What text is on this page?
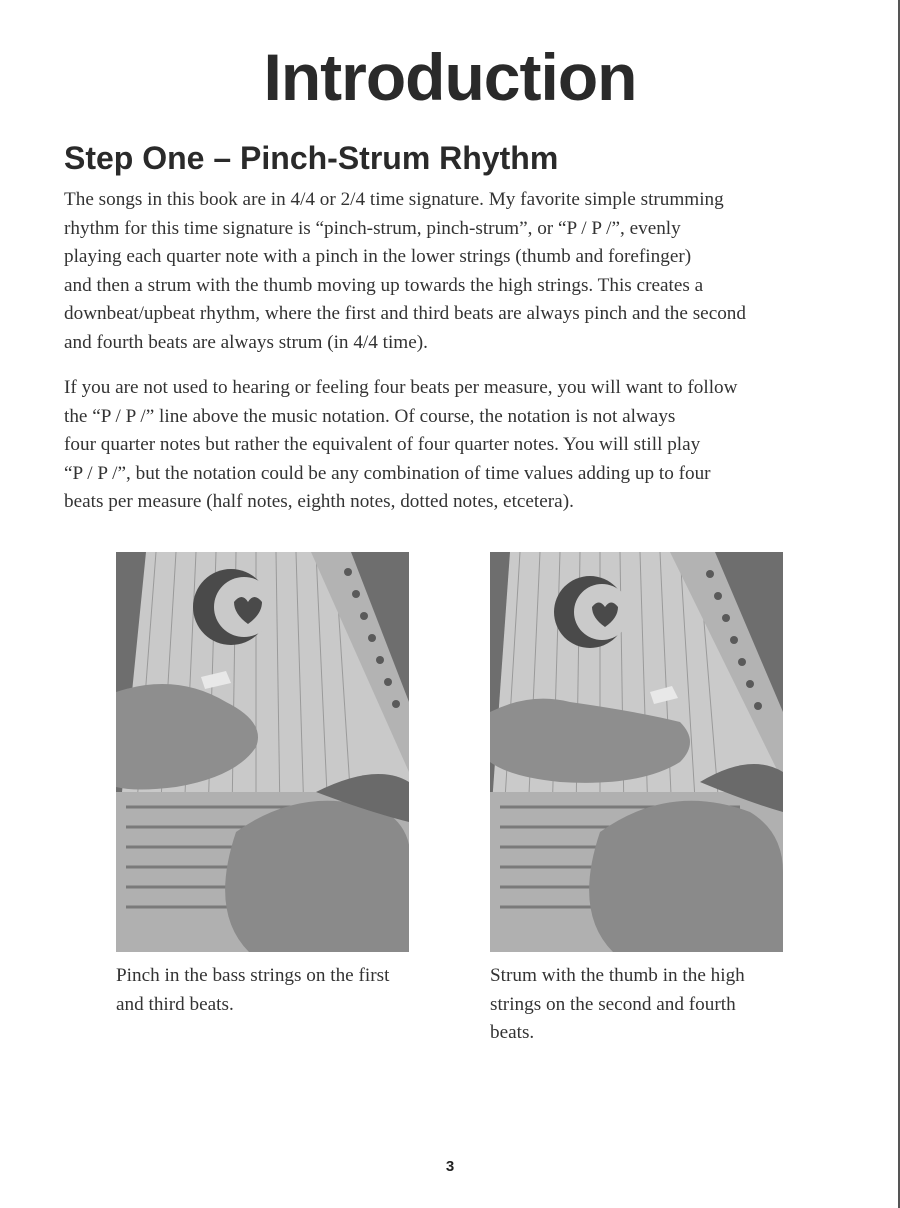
Introduction
Step One – Pinch-Strum Rhythm

The songs in this book are in 4/4 or 2/4 time signature. My favorite simple strumming
rhythm for this time signature is “pinch-strum, pinch-strum”, or “P / P /”, evenly
playing each quarter note with a pinch in the lower strings (thumb and forefinger)
and then a strum with the thumb moving up towards the high strings. This creates a
downbeat/upbeat rhythm, where the first and third beats are always pinch and the second
and fourth beats are always strum (in 4/4 time).

If you are not used to hearing or feeling four beats per measure, you will want to follow
the “P / P /” line above the music notation. Of course, the notation is not always
four quarter notes but rather the equivalent of four quarter notes. You will still play
“P / P /”, but the notation could be any combination of time values adding up to four
beats per measure (half notes, eighth notes, dotted notes, etcetera).

Pinch in the bass strings on the first
and third beats.

Strum with the thumb in the high
strings on the second and fourth
beats.

3
